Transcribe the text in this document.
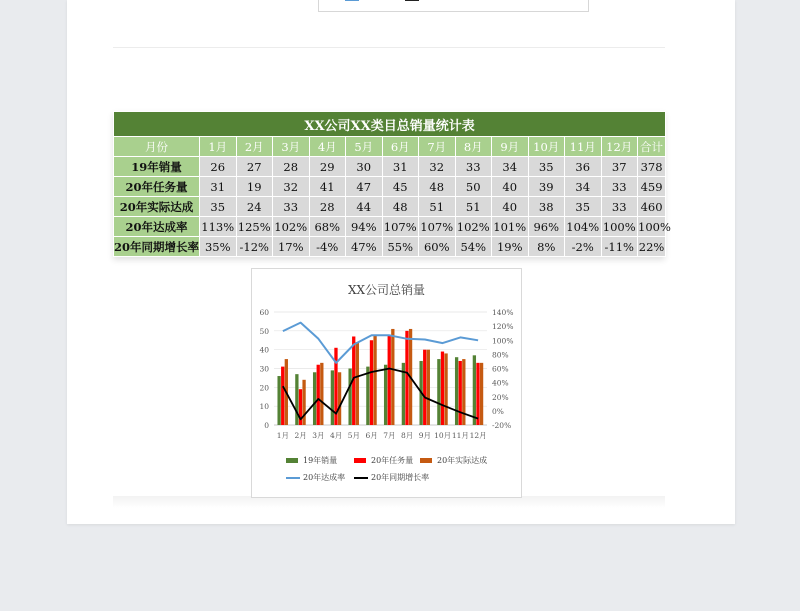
XX公司XX类目总销量统计表													
月份	1月	2月	3月	4月	5月	6月	7月	8月	9月	10月	11月	12月	合计
19年销量	26	27	28	29	30	31	32	33	34	35	36	37	378
20年任务量	31	19	32	41	47	45	48	50	40	39	34	33	459
20年实际达成	35	24	33	28	44	48	51	51	40	38	35	33	460
20年达成率	113%	125%	102%	68%	94%	107%	107%	102%	101%	96%	104%	100%	100%
20年同期增长率	35%	-12%	17%	-4%	47%	55%	60%	54%	19%	8%	-2%	-11%	22%
XX公司总销量
0
10
20
30
40
50
60
-20%
0%
20%
40%
60%
80%
100%
120%
140%
1月 2月 3月 4月 5月 6月 7月 8月 9月 10月 11月 12月
19年销量	20年任务量	20年实际达成
20年达成率	20年同期增长率
